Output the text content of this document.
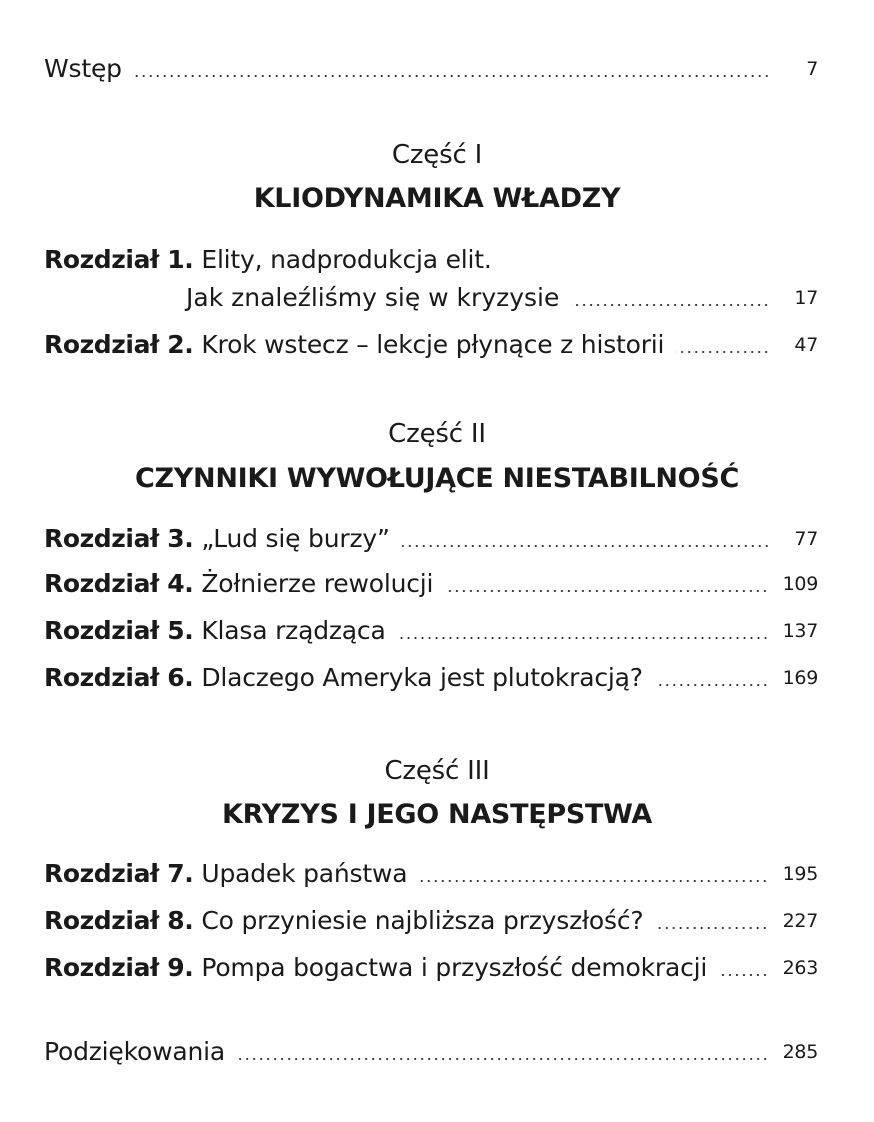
Wstęp	7
Część I
KLIODYNAMIKA WŁADZY
Rozdział 1. Elity, nadprodukcja elit.
Jak znaleźliśmy się w kryzysie	17
Rozdział 2. Krok wstecz – lekcje płynące z historii	47
Część II
CZYNNIKI WYWOŁUJĄCE NIESTABILNOŚĆ
Rozdział 3. „Lud się burzy”	77
Rozdział 4. Żołnierze rewolucji	109
Rozdział 5. Klasa rządząca	137
Rozdział 6. Dlaczego Ameryka jest plutokracją?	169
Część III
KRYZYS I JEGO NASTĘPSTWA
Rozdział 7. Upadek państwa	195
Rozdział 8. Co przyniesie najbliższa przyszłość?	227
Rozdział 9. Pompa bogactwa i przyszłość demokracji	263
Podziękowania	285
